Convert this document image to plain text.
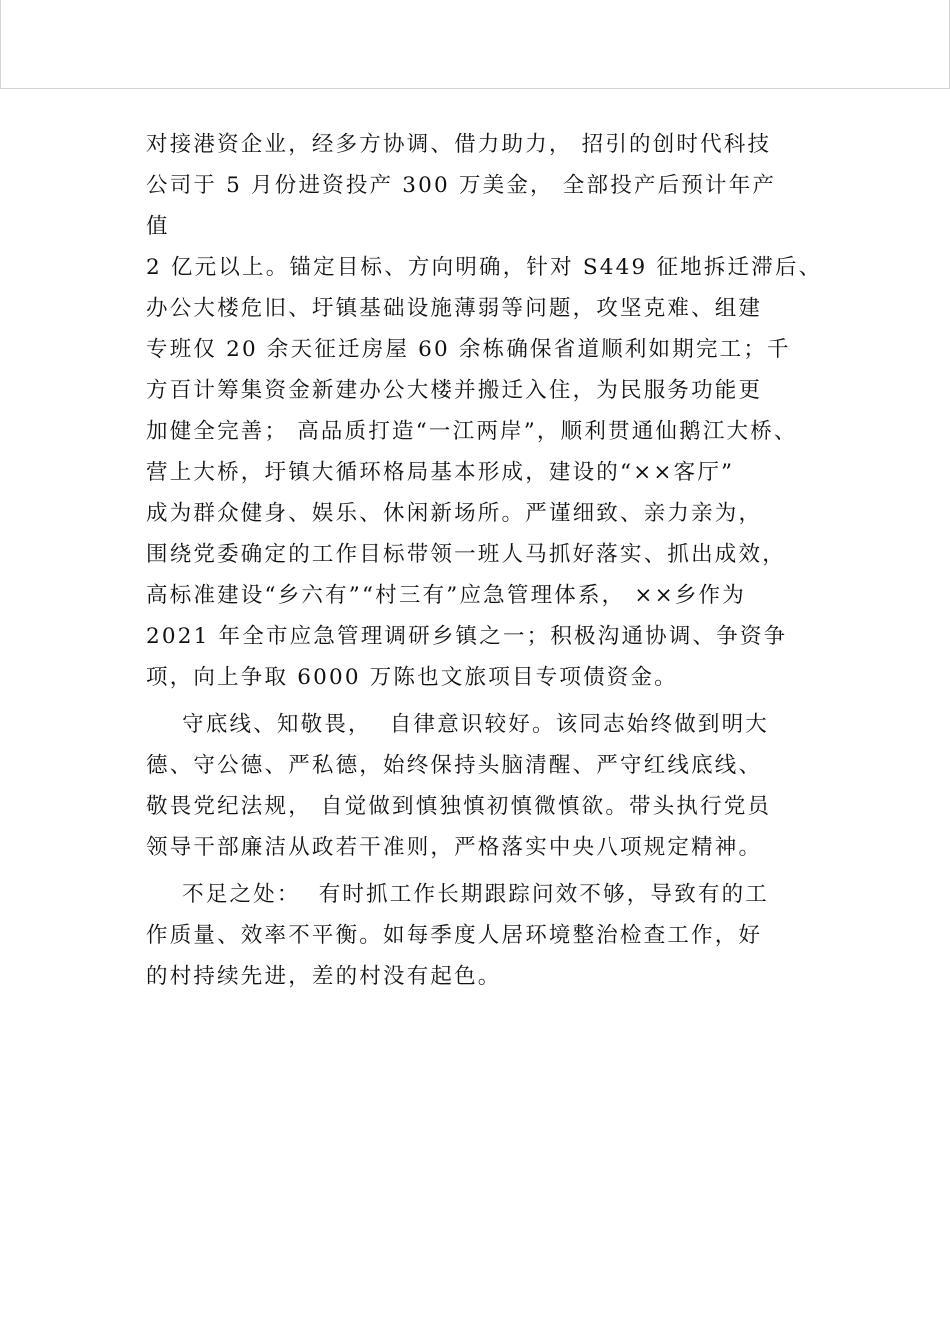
对接港资企业，经多方协调、借力助力， 招引的创时代科技
公司于 5 月份进资投产 300 万美金， 全部投产后预计年产
值
2 亿元以上。锚定目标、方向明确，针对 S449 征地拆迁滞后、
办公大楼危旧、圩镇基础设施薄弱等问题，攻坚克难、组建
专班仅 20 余天征迁房屋 60 余栋确保省道顺利如期完工；千
方百计筹集资金新建办公大楼并搬迁入住，为民服务功能更
加健全完善； 高品质打造“一江两岸”，顺利贯通仙鹅江大桥、
营上大桥，圩镇大循环格局基本形成，建设的“××客厅”
成为群众健身、娱乐、休闲新场所。严谨细致、亲力亲为，
围绕党委确定的工作目标带领一班人马抓好落实、抓出成效，
高标准建设“乡六有”“村三有”应急管理体系， ××乡作为
2021 年全市应急管理调研乡镇之一；积极沟通协调、争资争
项，向上争取 6000 万陈也文旅项目专项债资金。
守底线、知敬畏，  自律意识较好。该同志始终做到明大
德、守公德、严私德，始终保持头脑清醒、严守红线底线、
敬畏党纪法规， 自觉做到慎独慎初慎微慎欲。带头执行党员
领导干部廉洁从政若干准则，严格落实中央八项规定精神。
不足之处：  有时抓工作长期跟踪问效不够，导致有的工
作质量、效率不平衡。如每季度人居环境整治检查工作，好
的村持续先进，差的村没有起色。
